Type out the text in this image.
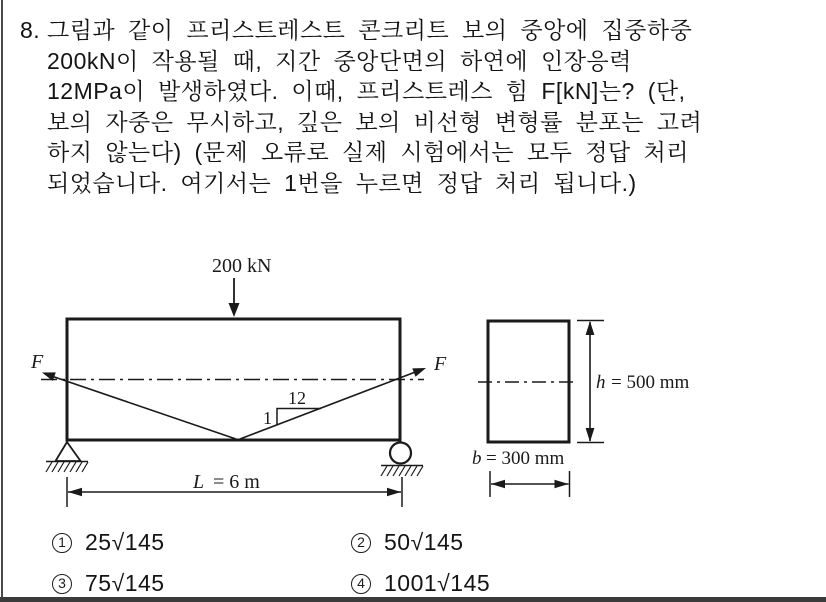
8. 그림과 같이 프리스트레스트 콘크리트 보의 중앙에 집중하중
200kN이 작용될 때, 지간 중앙단면의 하연에 인장응력
12MPa이 발생하였다. 이때, 프리스트레스 힘 F[kN]는? (단,
보의 자중은 무시하고, 깊은 보의 비선형 변형률 분포는 고려
하지 않는다) (문제 오류로 실제 시험에서는 모두 정답 처리
되었습니다. 여기서는 1번을 누르면 정답 처리 됩니다.)
200 kN
F	F
12
1
L = 6 m
h = 500 mm
b = 300 mm
1 25√145	2 50√145
3 75√145	4 1001√145
